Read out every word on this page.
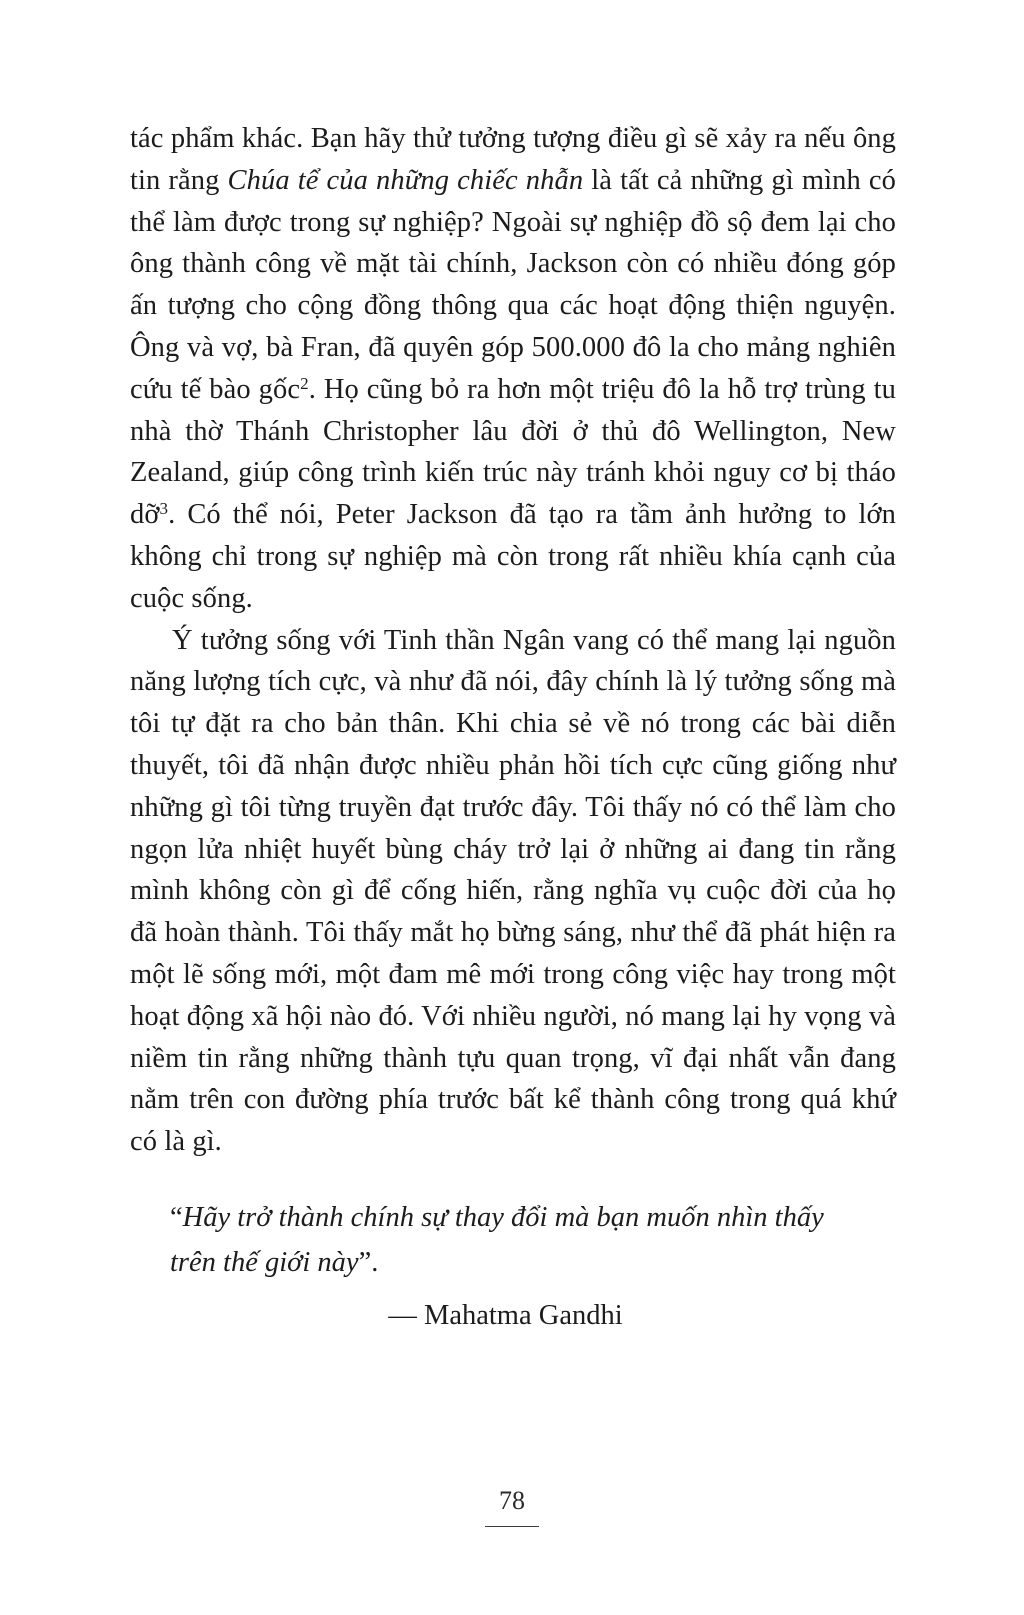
tác phẩm khác. Bạn hãy thử tưởng tượng điều gì sẽ xảy ra nếu ông tin rằng Chúa tể của những chiếc nhẫn là tất cả những gì mình có thể làm được trong sự nghiệp? Ngoài sự nghiệp đồ sộ đem lại cho ông thành công về mặt tài chính, Jackson còn có nhiều đóng góp ấn tượng cho cộng đồng thông qua các hoạt động thiện nguyện. Ông và vợ, bà Fran, đã quyên góp 500.000 đô la cho mảng nghiên cứu tế bào gốc$^2$. Họ cũng bỏ ra hơn một triệu đô la hỗ trợ trùng tu nhà thờ Thánh Christopher lâu đời ở thủ đô Wellington, New Zealand, giúp công trình kiến trúc này tránh khỏi nguy cơ bị tháo dỡ$^3$. Có thể nói, Peter Jackson đã tạo ra tầm ảnh hưởng to lớn không chỉ trong sự nghiệp mà còn trong rất nhiều khía cạnh của cuộc sống.

Ý tưởng sống với Tinh thần Ngân vang có thể mang lại nguồn năng lượng tích cực, và như đã nói, đây chính là lý tưởng sống mà tôi tự đặt ra cho bản thân. Khi chia sẻ về nó trong các bài diễn thuyết, tôi đã nhận được nhiều phản hồi tích cực cũng giống như những gì tôi từng truyền đạt trước đây. Tôi thấy nó có thể làm cho ngọn lửa nhiệt huyết bùng cháy trở lại ở những ai đang tin rằng mình không còn gì để cống hiến, rằng nghĩa vụ cuộc đời của họ đã hoàn thành. Tôi thấy mắt họ bừng sáng, như thể đã phát hiện ra một lẽ sống mới, một đam mê mới trong công việc hay trong một hoạt động xã hội nào đó. Với nhiều người, nó mang lại hy vọng và niềm tin rằng những thành tựu quan trọng, vĩ đại nhất vẫn đang nằm trên con đường phía trước bất kể thành công trong quá khứ có là gì.

“Hãy trở thành chính sự thay đổi mà bạn muốn nhìn thấy trên thế giới này”.
— Mahatma Gandhi
78
